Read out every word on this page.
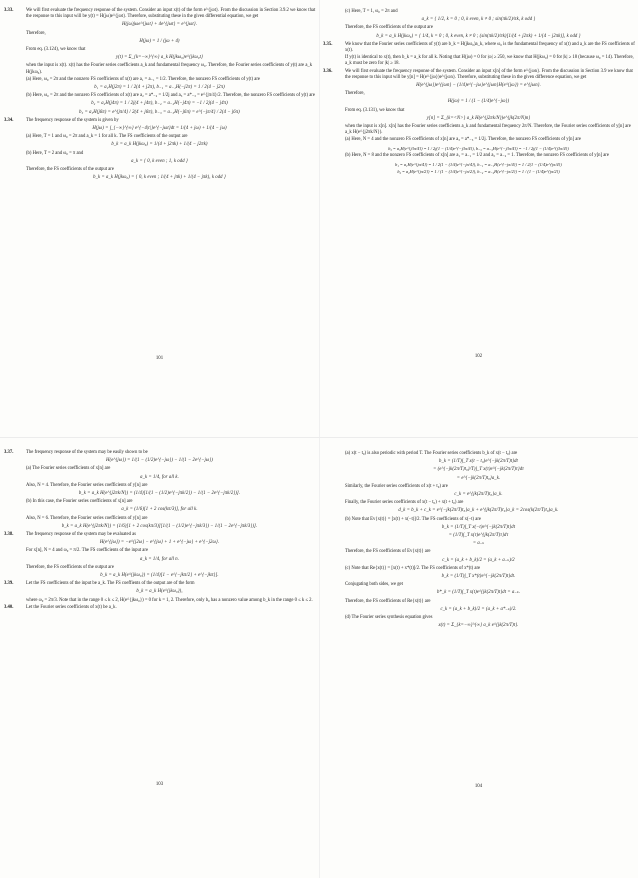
3.33.	We will first evaluate the frequency response of the system. Consider an input x(t) of the form e^{jωt}. From the discussion in Section 3.9.2 we know that the response to this input will be y(t) = H(jω)e^{jωt}. Therefore, substituting these in the given differential equation, we get
H(jω)jωe^{jωt} + 4e^{jωt} = e^{jωt}.
Therefore,
H(jω) = 1 / (jω + 4)
From eq. (3.124), we know that
y(t) = Σ_{k=−∞}^{∞} a_k H(jkω₀)e^{jkω₀t}
when the input is x(t). x(t) has the Fourier series coefficients a_k and fundamental frequency ω₀. Therefore, the Fourier series coefficients of y(t) are a_k H(jkω₀).
(a) Here, ω₀ = 2π and the nonzero FS coefficients of x(t) are a₁ = a₋₁ = 1/2. Therefore, the nonzero FS coefficients of y(t) are
b₁ = a₁H(j2π) = 1 / 2(4 + j2π), b₋₁ = a₋₁H(−j2π) = 1 / 2(4 − j2π)
(b) Here, ω₀ = 2π and the nonzero FS coefficients of x(t) are a₂ = a*₋₂ = 1/2j and a₃ = a*₋₃ = e^{jπ/4}/2. Therefore, the nonzero FS coefficients of y(t) are
b₂ = a₂H(j4π) = 1 / 2j(4 + j4π), b₋₂ = a₋₂H(−j4π) = −1 / 2j(4 − j4π)
b₃ = a₃H(j6π) = e^{jπ/4} / 2(4 + j6π), b₋₃ = a₋₃H(−j6π) = e^{−jπ/4} / 2(4 − j6π)
3.34.	The frequency response of the system is given by
H(jω) = ∫_{−∞}^{∞} e^{−4|t|}e^{−jωt}dt = 1/(4 + jω) + 1/(4 − jω)
(a) Here, T = 1 and ω₀ = 2π and a_k = 1 for all k. The FS coefficients of the output are
b_k = a_k H(jkω₀) = 1/(4 + j2πk) + 1/(4 − j2πk)
(b) Here, T = 2 and ω₀ = π and
a_k = { 0, k even ; 1, k odd }
Therefore, the FS coefficients of the output are
b_k = a_k H(jkω₀) = { 0, k even ; 1/(4 + jπk) + 1/(4 − jπk), k odd }
101
(c) Here, T = 1, ω₀ = 2π and
a_k = { 1/2, k = 0 ; 0, k even, k ≠ 0 ; sin(πk/2)/πk, k odd }
Therefore, the FS coefficients of the output are
b_k = a_k H(jkω₀) = { 1/4, k = 0 ; 0, k even, k ≠ 0 ; (sin(πk/2)/πk)[1/(4 + j2πk) + 1/(4 − j2πk)], k odd }
3.35.	We know that the Fourier series coefficients of y(t) are b_k = H(jkω₀)a_k, where ω₀ is the fundamental frequency of x(t) and a_k are the FS coefficients of x(t).
If y(t) is identical to x(t), then b_k = a_k for all k. Noting that H(jω) = 0 for |ω| ≥ 250, we know that H(jkω₀) = 0 for |k| ≥ 18 (because ω₀ = 14). Therefore, a_k must be zero for |k| ≥ 18.
3.36.	We will first evaluate the frequency response of the system. Consider an input x[n] of the form e^{jωn}. From the discussion in Section 3.9 we know that the response to this input will be y[n] = H(e^{jω})e^{jωn}. Therefore, substituting these in the given difference equation, we get
H(e^{jω})e^{jωn} − (1/4)e^{−jω}e^{jωn}H(e^{jω}) = e^{jωn}.
Therefore,
H(jω) = 1 / (1 − (1/4)e^{−jω})
From eq. (3.131), we know that
y[n] = Σ_{k=<N>} a_k H(e^{j2πk/N})e^{jk(2π/N)n}
when the input is x[n]. x[n] has the Fourier series coefficients a_k and fundamental frequency 2π/N. Therefore, the Fourier series coefficients of y[n] are a_k H(e^{j2πk/N}).
(a) Here, N = 4 and the nonzero FS coefficients of x[n] are a₃ = a*₋₃ = 1/2j. Therefore, the nonzero FS coefficients of y[n] are
b₃ = a₃H(e^{j3π/4}) = 1 / 2j(1 − (1/4)e^{−j3π/4}), b₋₃ = a₋₃H(e^{−j3π/4}) = −1 / 2j(1 − (1/4)e^{j3π/4})
(b) Here, N = 8 and the nonzero FS coefficients of x[n] are a₁ = a₋₁ = 1/2 and a₂ = a₋₂ = 1. Therefore, the nonzero FS coefficients of y[n] are
b₁ = a₁H(e^{jπ/4}) = 1 / 2(1 − (1/4)e^{−jπ/4}), b₋₁ = a₋₁H(e^{−jπ/4}) = 1 / 2(1 − (1/4)e^{jπ/4})
b₂ = a₂H(e^{jπ/2}) = 1 / (1 − (1/4)e^{−jπ/2}), b₋₂ = a₋₂H(e^{−jπ/2}) = 1 / (1 − (1/4)e^{jπ/2})
102
3.37.	The frequency response of the system may be easily shown to be
H(e^{jω}) = 1/(1 − (1/2)e^{−jω}) − 1/(1 − 2e^{−jω})
(a) The Fourier series coefficients of x[n] are
a_k = 1/4, for all k.
Also, N = 4. Therefore, the Fourier series coefficients of y[n] are
b_k = a_k H(e^{j2πk/N}) = (1/4)[1/(1 − (1/2)e^{−jπk/2}) − 1/(1 − 2e^{−jπk/2})].
(b) In this case, the Fourier series coefficients of x[n] are
a_k = (1/6)[1 + 2 cos(kπ/3)], for all k.
Also, N = 6. Therefore, the Fourier series coefficients of y[n] are
b_k = a_k H(e^{j2πk/N}) = (1/6)[1 + 2 cos(kπ/3)][1/(1 − (1/2)e^{−jπk/3}) − 1/(1 − 2e^{−jπk/3})].
3.38.	The frequency response of the system may be evaluated as
H(e^{jω}) = −e^{j2ω} − e^{jω} + 1 + e^{−jω} + e^{−j2ω}.
For x[n], N = 4 and ω₀ = π/2. The FS coefficients of the input are
a_k = 1/4, for all n.
Therefore, the FS coefficients of the output are
b_k = a_k H(e^{jkω₀}) = (1/4)[1 − e^{−jkπ/2} + e^{−jkπ}].
3.39.	Let the FS coefficients of the input be a_k. The FS coeffients of the output are of the form
b_k = a_k H(e^{jkω₀}),
where ω₀ = 2π/3. Note that in the range 0 ≤ k ≤ 2, H(e^{jkω₀}) = 0 for k = 1, 2. Therefore, only b₀ has a nonzero value among b_k in the range 0 ≤ k ≤ 2.
3.40.	Let the Fourier series coefficients of x(t) be a_k.
103
(a) x(t − t₀) is also periodic with period T. The Fourier series coefficients b_k of x(t − t₀) are
b_k = (1/T)∫_T x(t − t₀)e^{−jk(2π/T)t}dt
= (e^{−jk(2π/T)t₀}/T)∫_T x(τ)e^{−jk(2π/T)τ}dτ
= e^{−jk(2π/T)t₀}a_k.
Similarly, the Fourier series coefficients of x(t + t₀) are
c_k = e^{jk(2π/T)t₀}a_k.
Finally, the Fourier series coefficients of x(t − t₀) + x(t + t₀) are
d_k = b_k + c_k = e^{−jk(2π/T)t₀}a_k + e^{jk(2π/T)t₀}a_k = 2cos(k(2π/T)t₀)a_k.
(b) Note that Ev{x(t)} = [x(t) + x(−t)]/2. The FS coefficients of x(−t) are
b_k = (1/T)∫_T x(−t)e^{−jk(2π/T)t}dt
= (1/T)∫_T x(τ)e^{jk(2π/T)τ}dτ
= a₋ₖ
Therefore, the FS coefficients of Ev{x(t)} are
c_k = (a_k + b_k)/2 = (a_k + a₋ₖ)/2
(c) Note that Re{x(t)} = [x(t) + x*(t)]/2. The FS coefficients of x*(t) are
b_k = (1/T)∫_T x*(t)e^{−jk(2π/T)t}dt.
Conjugating both sides, we get
b*_k = (1/T)∫_T x(t)e^{jk(2π/T)t}dt = a₋ₖ.
Therefore, the FS coefficients of Re{x(t)} are
c_k = (a_k + b_k)/2 = (a_k + a*₋ₖ)/2.
(d) The Fourier series synthesis equation gives
x(t) = Σ_{k=−∞}^{∞} a_k e^{jk(2π/T)t}.
104
